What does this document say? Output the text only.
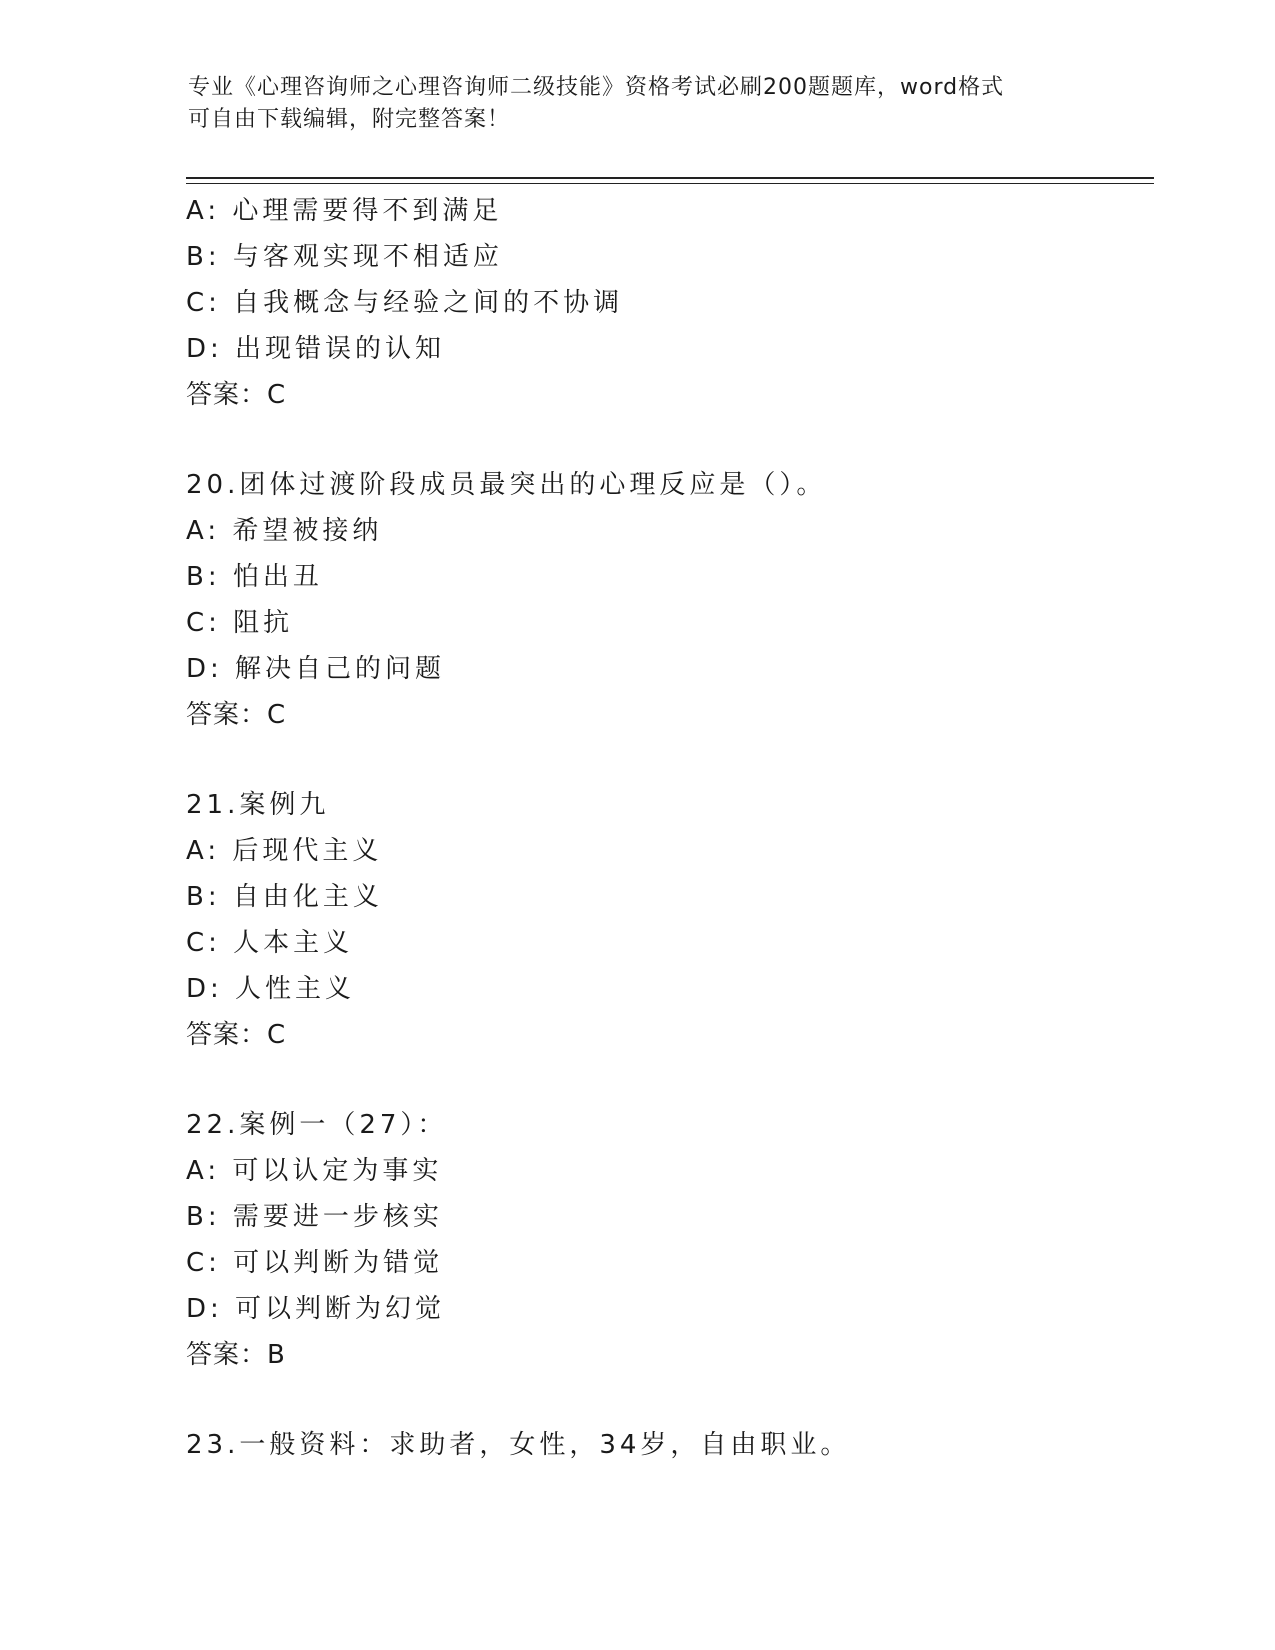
专业《心理咨询师之心理咨询师二级技能》资格考试必刷200题题库，word格式
可自由下载编辑，附完整答案！
A: 心理需要得不到满足
B: 与客观实现不相适应
C: 自我概念与经验之间的不协调
D: 出现错误的认知
答案：C
20.团体过渡阶段成员最突出的心理反应是（）。
A: 希望被接纳
B: 怕出丑
C: 阻抗
D: 解决自己的问题
答案：C
21.案例九
A: 后现代主义
B: 自由化主义
C: 人本主义
D: 人性主义
答案：C
22.案例一（27）：
A: 可以认定为事实
B: 需要进一步核实
C: 可以判断为错觉
D: 可以判断为幻觉
答案：B
23.一般资料：求助者，女性，34岁，自由职业。
